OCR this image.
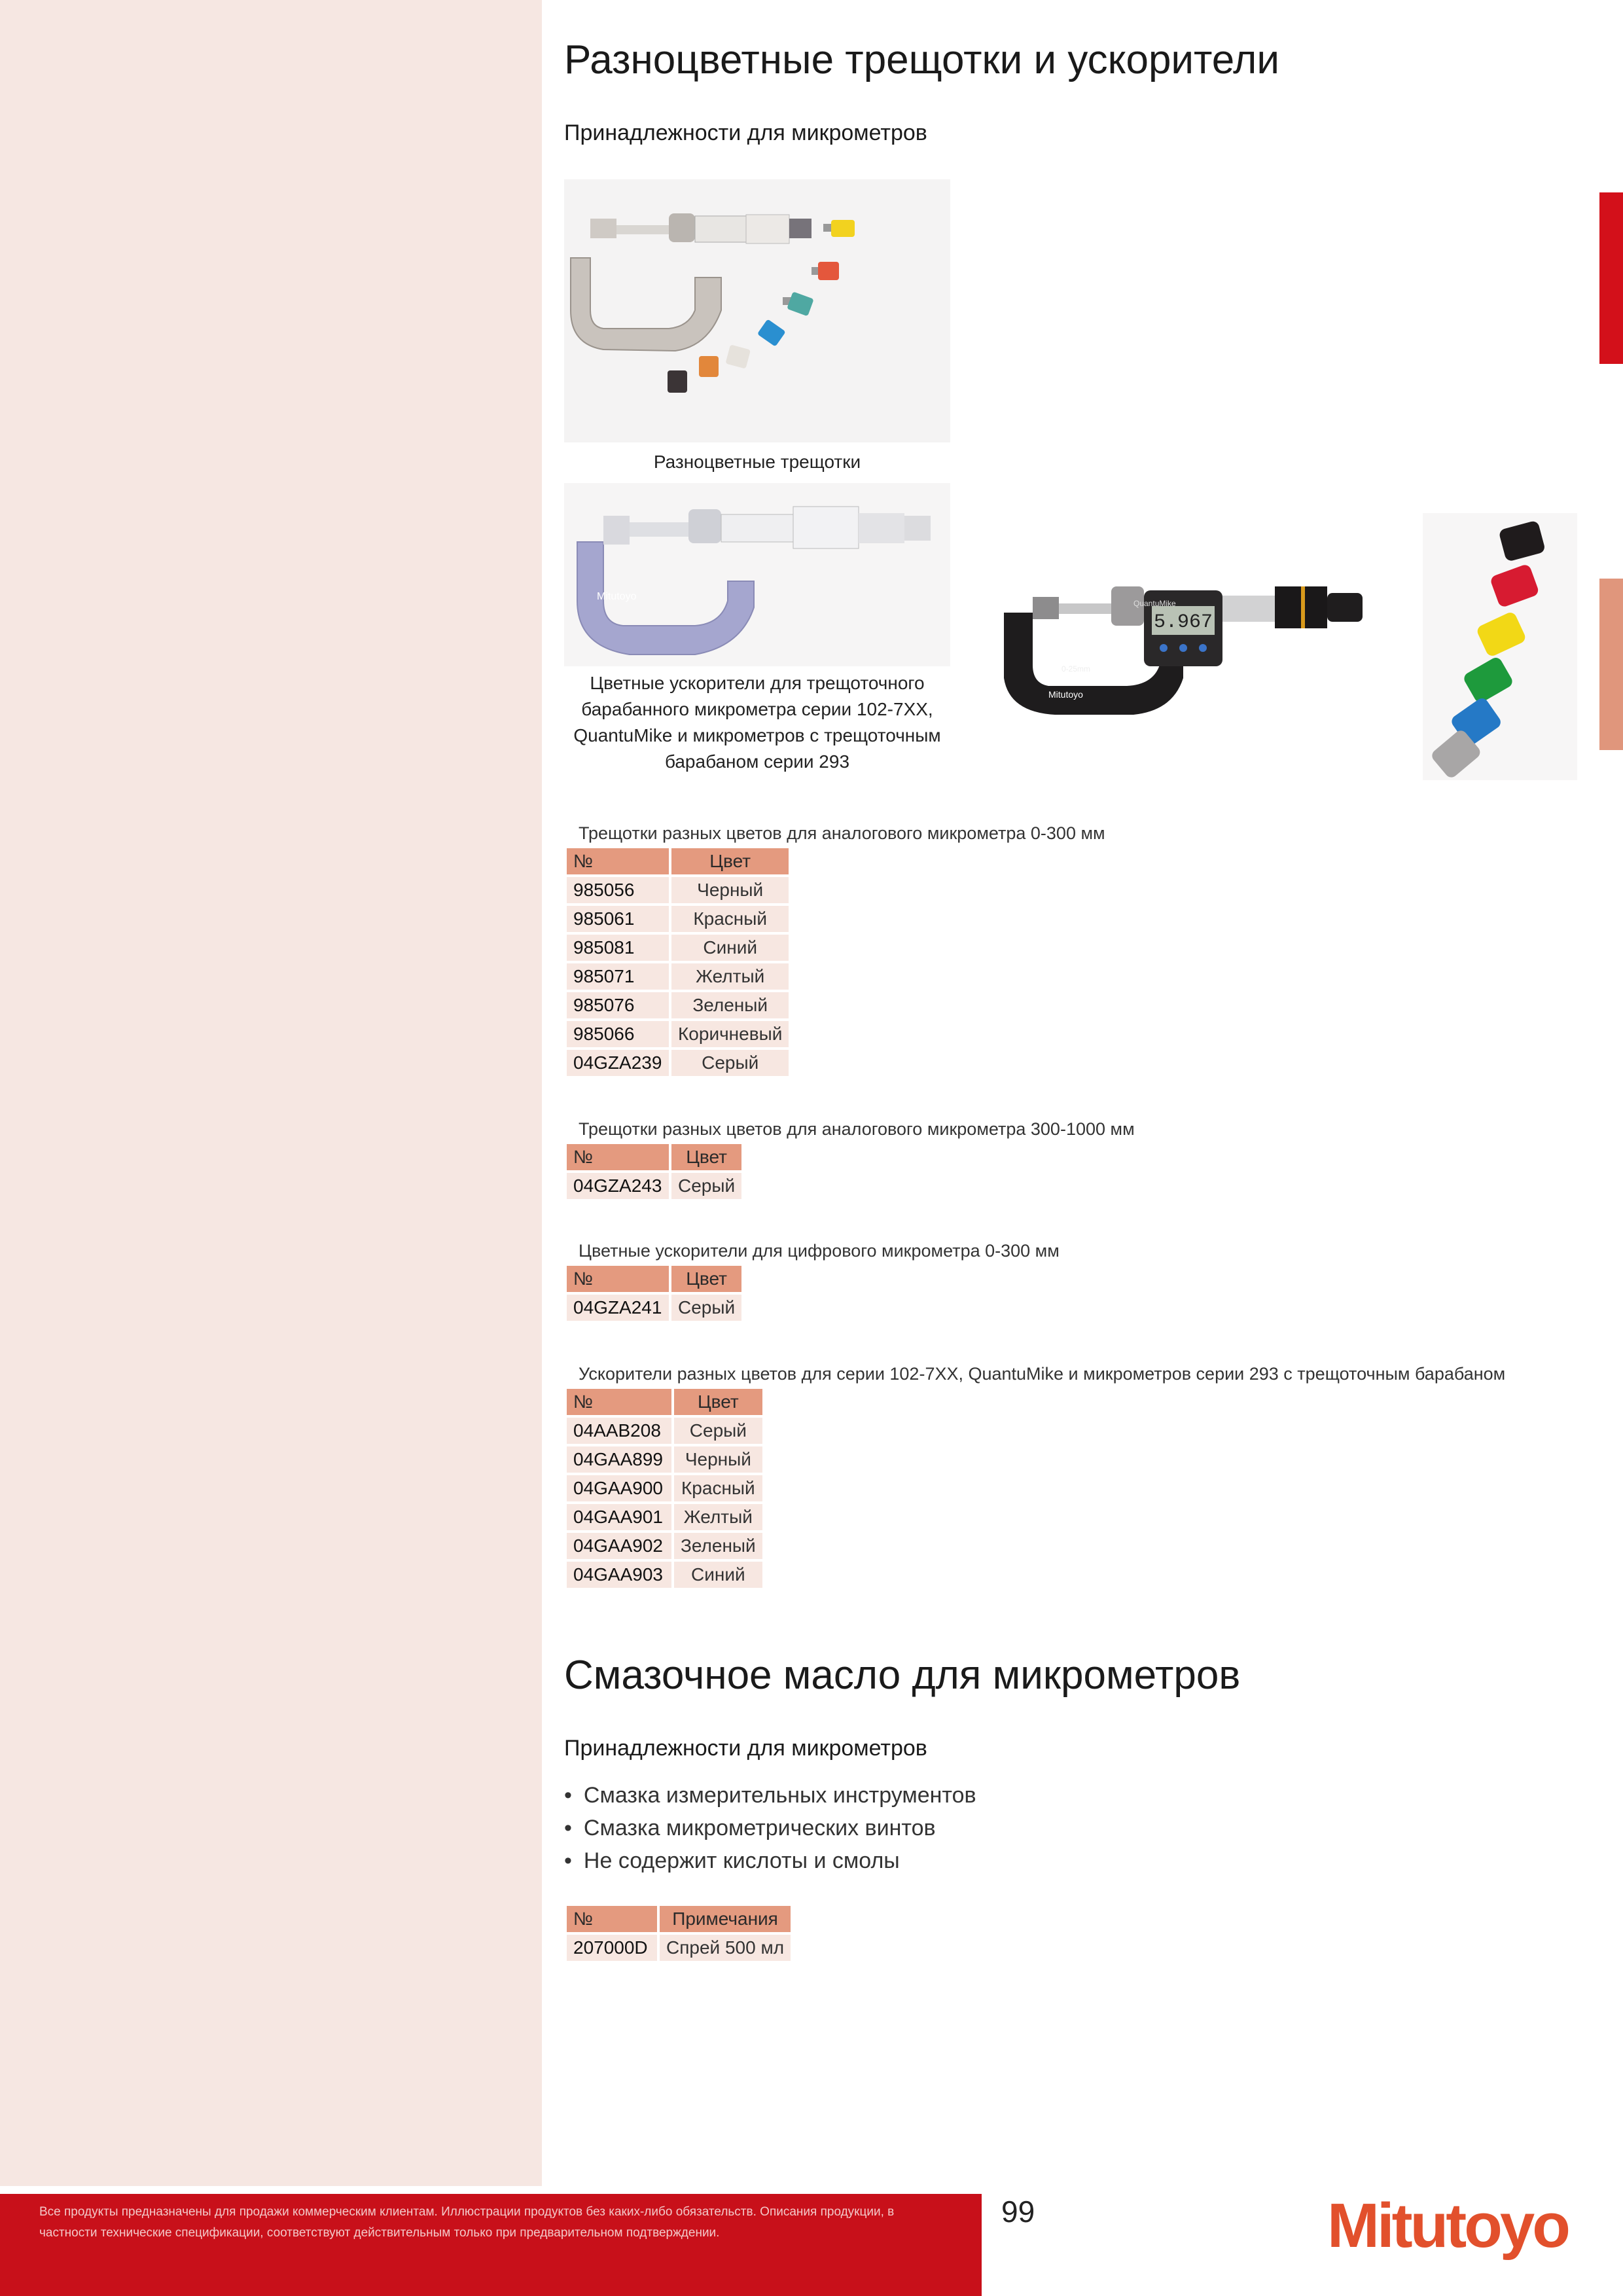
Разноцветные трещотки и ускорители
Принадлежности для микрометров
Разноцветные трещотки
Mitutoyo
Цветные ускорители для трещоточного
барабанного микрометра серии 102-7XX,
QuantuMike и микрометров с трещоточным
барабаном серии 293
5.967
QuantuMike
0-25mm
Mitutoyo
Трещотки разных цветов для аналогового микрометра 0-300 мм
№	Цвет
985056	Черный
985061	Красный
985081	Синий
985071	Желтый
985076	Зеленый
985066	Коричневый
04GZA239	Серый
Трещотки разных цветов для аналогового микрометра 300-1000 мм
№	Цвет
04GZA243	Серый
Цветные ускорители для цифрового микрометра 0-300 мм
№	Цвет
04GZA241	Серый
Ускорители разных цветов для серии 102-7XX, QuantuMike и микрометров серии 293 с трещоточным барабаном
№	Цвет
04AAB208	Серый
04GAA899	Черный
04GAA900	Красный
04GAA901	Желтый
04GAA902	Зеленый
04GAA903	Синий
Смазочное масло для микрометров
Принадлежности для микрометров
• Смазка измерительных инструментов
• Смазка микрометрических винтов
• Не содержит кислоты и смолы
№	Примечания
207000D	Спрей 500 мл
Все продукты предназначены для продажи коммерческим клиентам. Иллюстрации продуктов без каких-либо обязательств. Описания продукции, в частности технические спецификации, соответствуют действительным только при предварительном подтверждении.
99	Mitutoyo
